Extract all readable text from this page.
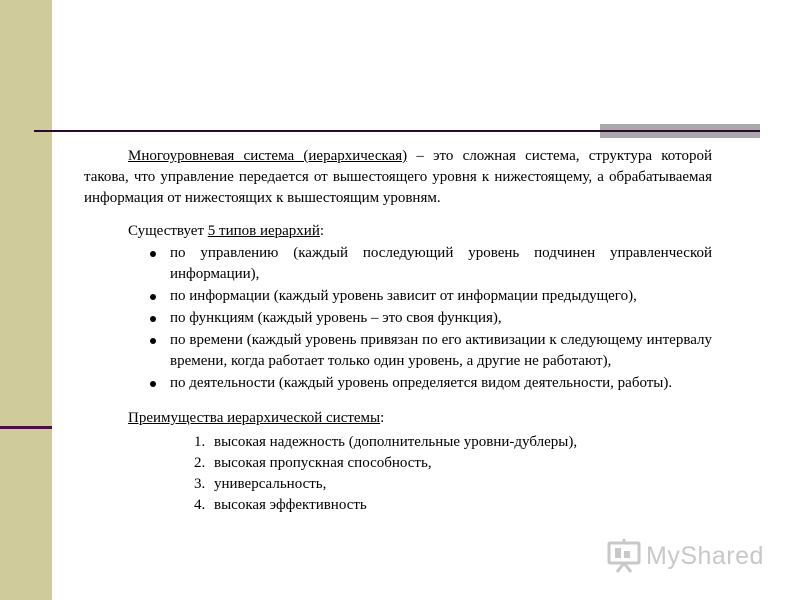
Многоуровневая система (иерархическая) – это сложная система, структура которой такова, что управление передается от вышестоящего уровня к нижестоящему, а обрабатываемая информация от нижестоящих к вышестоящим уровням.

Существует 5 типов иерархий:

по управлению (каждый последующий уровень подчинен управленческой информации),
по информации (каждый уровень зависит от информации предыдущего),
по функциям (каждый уровень – это своя функция),
по времени (каждый уровень привязан по его активизации к следующему интервалу времени, когда работает только один уровень, а другие не работают),
по деятельности (каждый уровень определяется видом деятельности, работы).

Преимущества иерархической системы:

1. высокая надежность (дополнительные уровни-дублеры),
2. высокая пропускная способность,
3. универсальность,
4. высокая эффективность
MyShared
